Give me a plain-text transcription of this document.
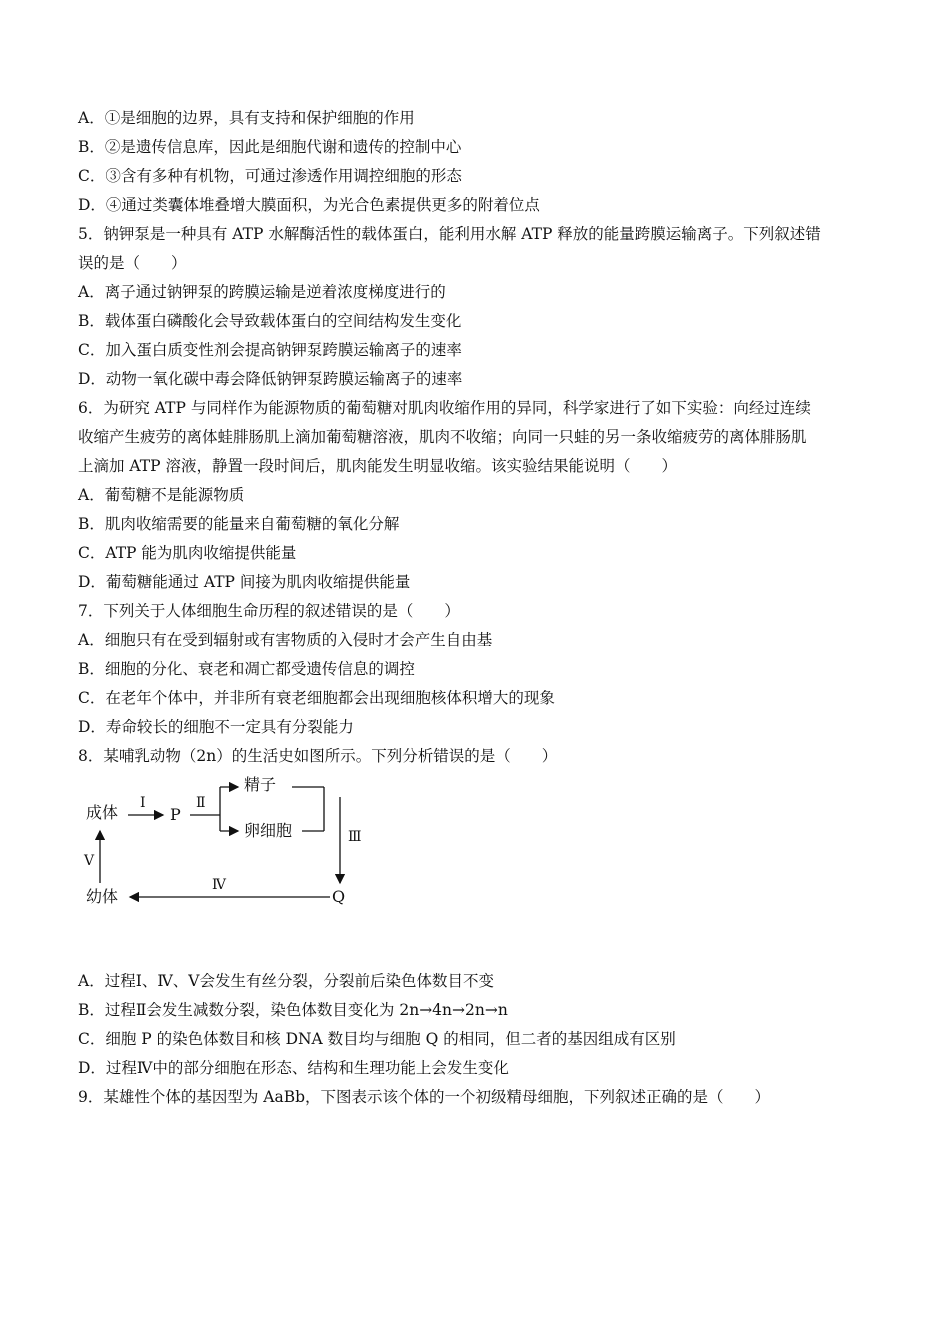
A．①是细胞的边界，具有支持和保护细胞的作用
B．②是遗传信息库，因此是细胞代谢和遗传的控制中心
C．③含有多种有机物，可通过渗透作用调控细胞的形态
D．④通过类囊体堆叠增大膜面积，为光合色素提供更多的附着位点
5．钠钾泵是一种具有 ATP 水解酶活性的载体蛋白，能利用水解 ATP 释放的能量跨膜运输离子。下列叙述错
误的是（　　）
A．离子通过钠钾泵的跨膜运输是逆着浓度梯度进行的
B．载体蛋白磷酸化会导致载体蛋白的空间结构发生变化
C．加入蛋白质变性剂会提高钠钾泵跨膜运输离子的速率
D．动物一氧化碳中毒会降低钠钾泵跨膜运输离子的速率
6．为研究 ATP 与同样作为能源物质的葡萄糖对肌肉收缩作用的异同，科学家进行了如下实验：向经过连续
收缩产生疲劳的离体蛙腓肠肌上滴加葡萄糖溶液，肌肉不收缩；向同一只蛙的另一条收缩疲劳的离体腓肠肌
上滴加 ATP 溶液，静置一段时间后，肌肉能发生明显收缩。该实验结果能说明（　　）
A．葡萄糖不是能源物质
B．肌肉收缩需要的能量来自葡萄糖的氧化分解
C．ATP 能为肌肉收缩提供能量
D．葡萄糖能通过 ATP 间接为肌肉收缩提供能量
7．下列关于人体细胞生命历程的叙述错误的是（　　）
A．细胞只有在受到辐射或有害物质的入侵时才会产生自由基
B．细胞的分化、衰老和凋亡都受遗传信息的调控
C．在老年个体中，并非所有衰老细胞都会出现细胞核体积增大的现象
D．寿命较长的细胞不一定具有分裂能力
8．某哺乳动物（2n）的生活史如图所示。下列分析错误的是（　　）
成体	P
Ⅰ	Ⅱ
精子
卵细胞	Ⅲ
Q
Ⅳ
Ⅴ
幼体
A．过程Ⅰ、Ⅳ、Ⅴ会发生有丝分裂，分裂前后染色体数目不变
B．过程Ⅱ会发生减数分裂，染色体数目变化为 2n→4n→2n→n
C．细胞 P 的染色体数目和核 DNA 数目均与细胞 Q 的相同，但二者的基因组成有区别
D．过程Ⅳ中的部分细胞在形态、结构和生理功能上会发生变化
9．某雄性个体的基因型为 AaBb，下图表示该个体的一个初级精母细胞，下列叙述正确的是（　　）
